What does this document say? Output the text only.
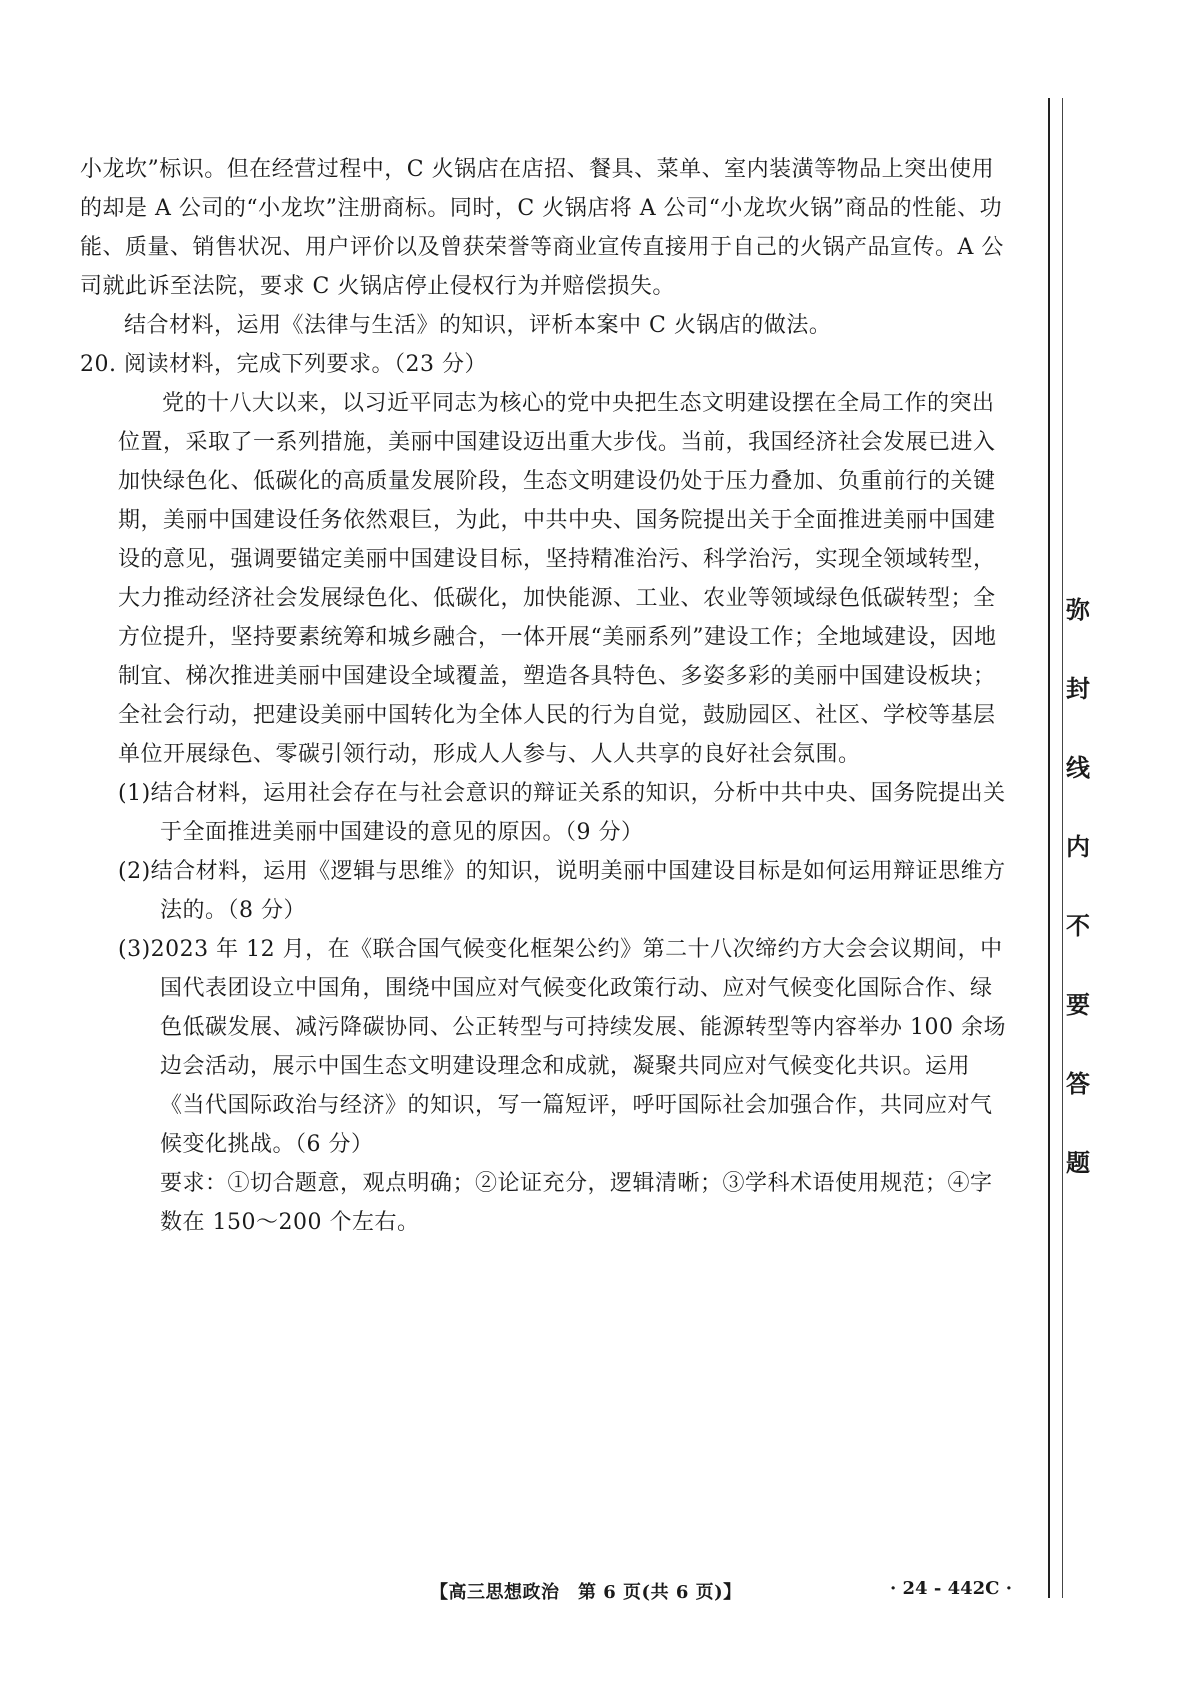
小龙坎”标识。但在经营过程中，C 火锅店在店招、餐具、菜单、室内装潢等物品上突出使用的却是 A 公司的“小龙坎”注册商标。同时，C 火锅店将 A 公司“小龙坎火锅”商品的性能、功能、质量、销售状况、用户评价以及曾获荣誉等商业宣传直接用于自己的火锅产品宣传。A 公司就此诉至法院，要求 C 火锅店停止侵权行为并赔偿损失。

结合材料，运用《法律与生活》的知识，评析本案中 C 火锅店的做法。

20. 阅读材料，完成下列要求。（23 分）

党的十八大以来，以习近平同志为核心的党中央把生态文明建设摆在全局工作的突出位置，采取了一系列措施，美丽中国建设迈出重大步伐。当前，我国经济社会发展已进入加快绿色化、低碳化的高质量发展阶段，生态文明建设仍处于压力叠加、负重前行的关键期，美丽中国建设任务依然艰巨，为此，中共中央、国务院提出关于全面推进美丽中国建设的意见，强调要锚定美丽中国建设目标，坚持精准治污、科学治污，实现全领域转型，大力推动经济社会发展绿色化、低碳化，加快能源、工业、农业等领域绿色低碳转型；全方位提升，坚持要素统筹和城乡融合，一体开展“美丽系列”建设工作；全地域建设，因地制宜、梯次推进美丽中国建设全域覆盖，塑造各具特色、多姿多彩的美丽中国建设板块；全社会行动，把建设美丽中国转化为全体人民的行为自觉，鼓励园区、社区、学校等基层单位开展绿色、零碳引领行动，形成人人参与、人人共享的良好社会氛围。

(1)结合材料，运用社会存在与社会意识的辩证关系的知识，分析中共中央、国务院提出关于全面推进美丽中国建设的意见的原因。（9 分）

(2)结合材料，运用《逻辑与思维》的知识，说明美丽中国建设目标是如何运用辩证思维方法的。（8 分）

(3)2023 年 12 月，在《联合国气候变化框架公约》第二十八次缔约方大会会议期间，中国代表团设立中国角，围绕中国应对气候变化政策行动、应对气候变化国际合作、绿色低碳发展、减污降碳协同、公正转型与可持续发展、能源转型等内容举办 100 余场边会活动，展示中国生态文明建设理念和成就，凝聚共同应对气候变化共识。运用《当代国际政治与经济》的知识，写一篇短评，呼吁国际社会加强合作，共同应对气候变化挑战。（6 分）

要求：①切合题意，观点明确；②论证充分，逻辑清晰；③学科术语使用规范；④字数在 150～200 个左右。

【高三思想政治　第 6 页(共 6 页)】	· 24 - 442C ·
弥
封
线
内
不
要
答
题
